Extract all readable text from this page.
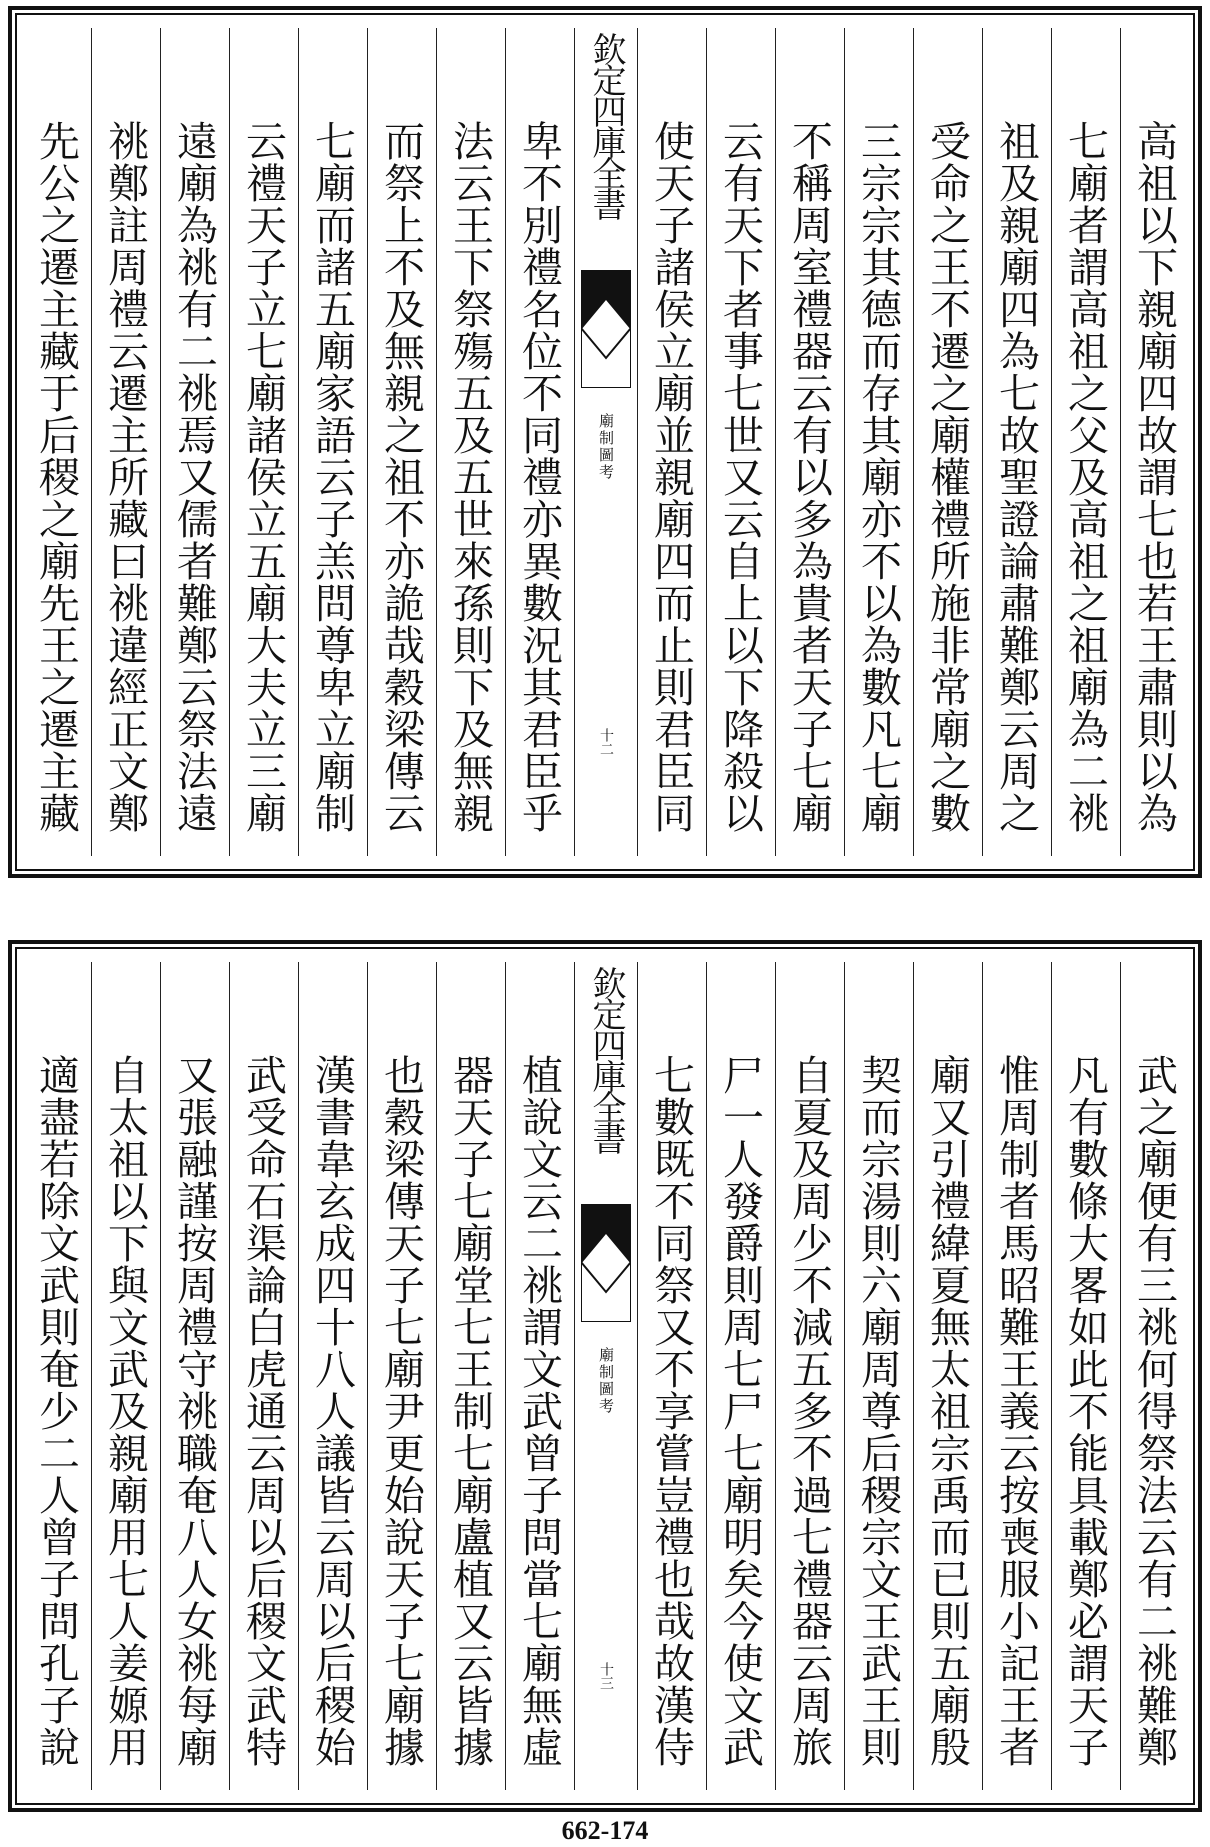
高祖以下親廟四故謂七也若王肅則以為
七廟者謂高祖之父及高祖之祖廟為二祧
祖及親廟四為七故聖證論肅難鄭云周之
受命之王不遷之廟權禮所施非常廟之數
三宗宗其德而存其廟亦不以為數凡七廟
不稱周室禮器云有以多為貴者天子七廟
云有天下者事七世又云自上以下降殺以
使天子諸侯立廟並親廟四而止則君臣同
欽定四庫全書
廟制圖考
十二
卑不別禮名位不同禮亦異數況其君臣乎
法云王下祭殤五及五世來孫則下及無親
而祭上不及無親之祖不亦詭哉穀梁傳云
七廟而諸五廟家語云子羔問尊卑立廟制
云禮天子立七廟諸侯立五廟大夫立三廟
遠廟為祧有二祧焉又儒者難鄭云祭法遠
祧鄭註周禮云遷主所藏曰祧違經正文鄭
先公之遷主藏于后稷之廟先王之遷主藏
武之廟便有三祧何得祭法云有二祧難鄭
凡有數條大畧如此不能具載鄭必謂天子
惟周制者馬昭難王義云按喪服小記王者
廟又引禮緯夏無太祖宗禹而已則五廟殷
契而宗湯則六廟周尊后稷宗文王武王則
自夏及周少不減五多不過七禮器云周旅
尸一人發爵則周七尸七廟明矣今使文武
七數既不同祭又不享嘗豈禮也哉故漢侍
欽定四庫全書
廟制圖考
十三
植說文云二祧謂文武曾子問當七廟無虛
器天子七廟堂七王制七廟盧植又云皆據
也穀梁傳天子七廟尹更始說天子七廟據
漢書韋玄成四十八人議皆云周以后稷始
武受命石渠論白虎通云周以后稷文武特
又張融謹按周禮守祧職奄八人女祧每廟
自太祖以下與文武及親廟用七人姜嫄用
適盡若除文武則奄少二人曾子問孔子說
662-174
